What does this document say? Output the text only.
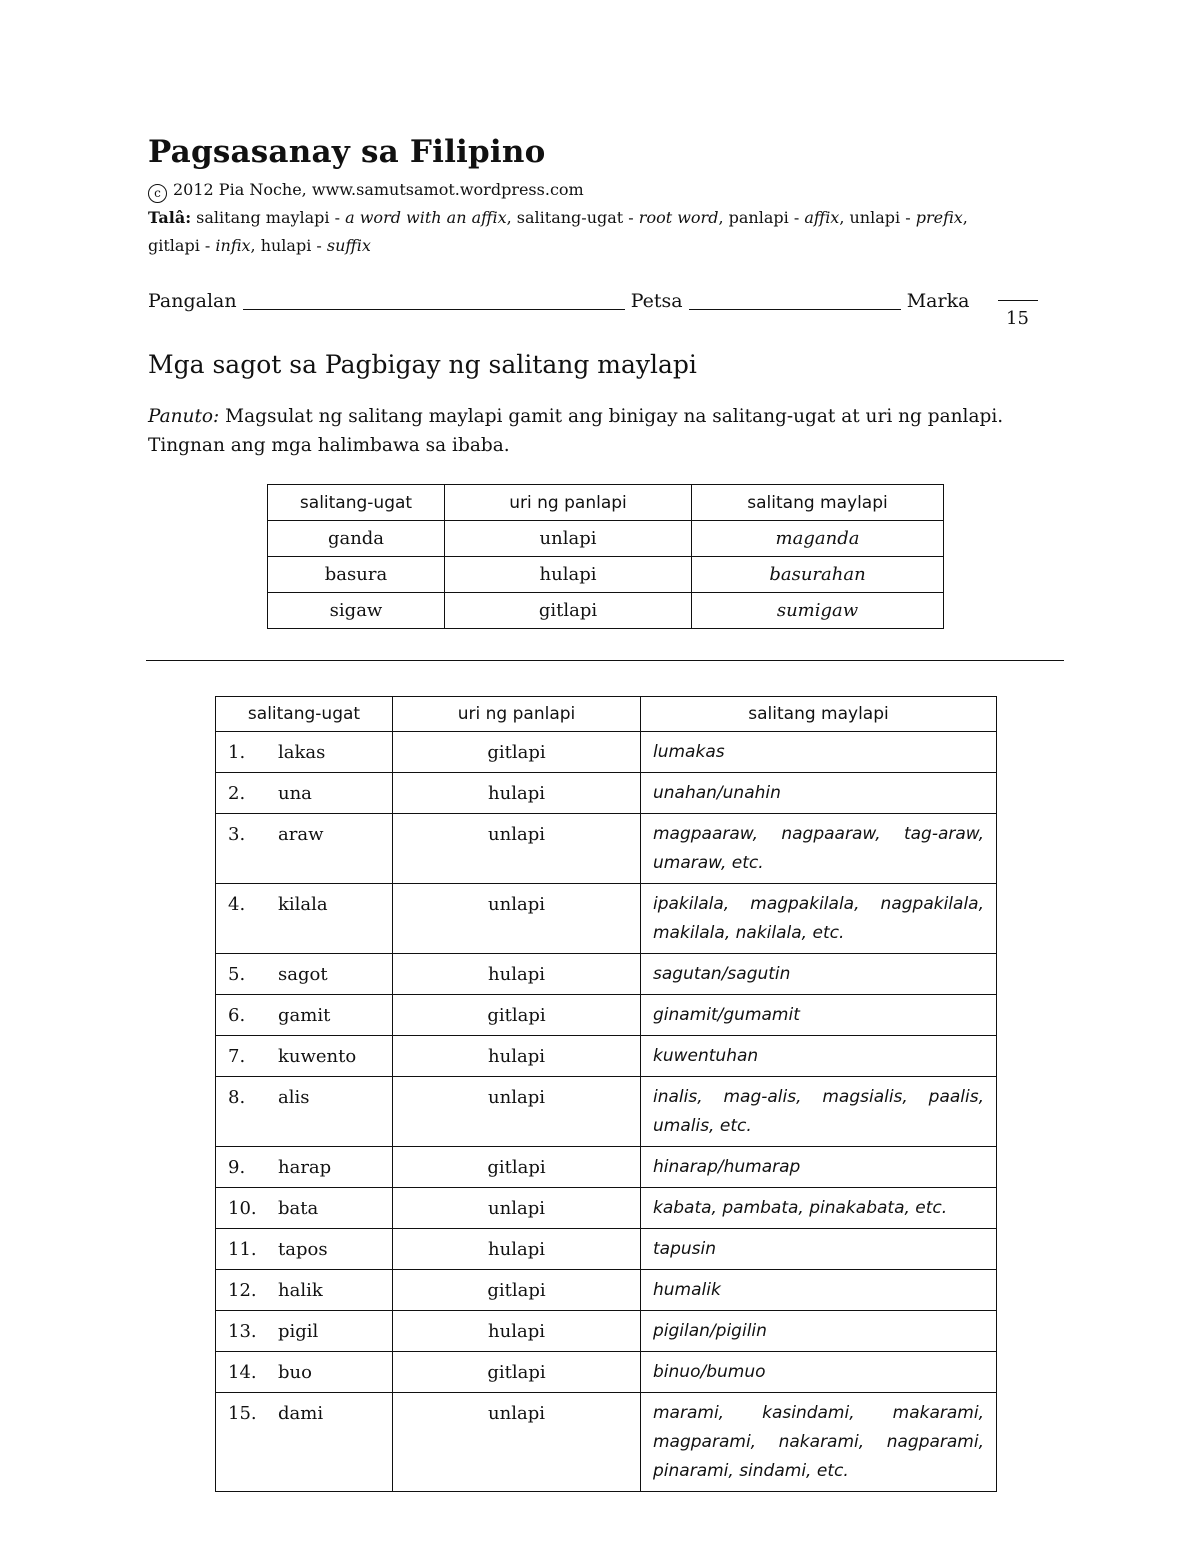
Pagsasanay sa Filipino
c 2012 Pia Noche, www.samutsamot.wordpress.com
Talâ: salitang maylapi - a word with an affix, salitang-ugat - root word, panlapi - affix, unlapi - prefix,
gitlapi - infix, hulapi - suffix
Pangalan	Petsa	Marka
15
Mga sagot sa Pagbigay ng salitang maylapi
Panuto: Magsulat ng salitang maylapi gamit ang binigay na salitang-ugat at uri ng panlapi. Tingnan ang mga halimbawa sa ibaba.
salitang-ugat	uri ng panlapi	salitang maylapi
ganda	unlapi	maganda
basura	hulapi	basurahan
sigaw	gitlapi	sumigaw
salitang-ugat	uri ng panlapi	salitang maylapi
1. lakas	gitlapi	lumakas
2. una	hulapi	unahan/unahin
3. araw	unlapi	magpaaraw, nagpaaraw, tag-araw, umaraw, etc.
4. kilala	unlapi	ipakilala, magpakilala, nagpakilala, makilala, nakilala, etc.
5. sagot	hulapi	sagutan/sagutin
6. gamit	gitlapi	ginamit/gumamit
7. kuwento	hulapi	kuwentuhan
8. alis	unlapi	inalis, mag-alis, magsialis, paalis, umalis, etc.
9. harap	gitlapi	hinarap/humarap
10. bata	unlapi	kabata, pambata, pinakabata, etc.
11. tapos	hulapi	tapusin
12. halik	gitlapi	humalik
13. pigil	hulapi	pigilan/pigilin
14. buo	gitlapi	binuo/bumuo
15. dami	unlapi	marami, kasindami, makarami, magparami, nakarami, nagparami, pinarami, sindami, etc.
